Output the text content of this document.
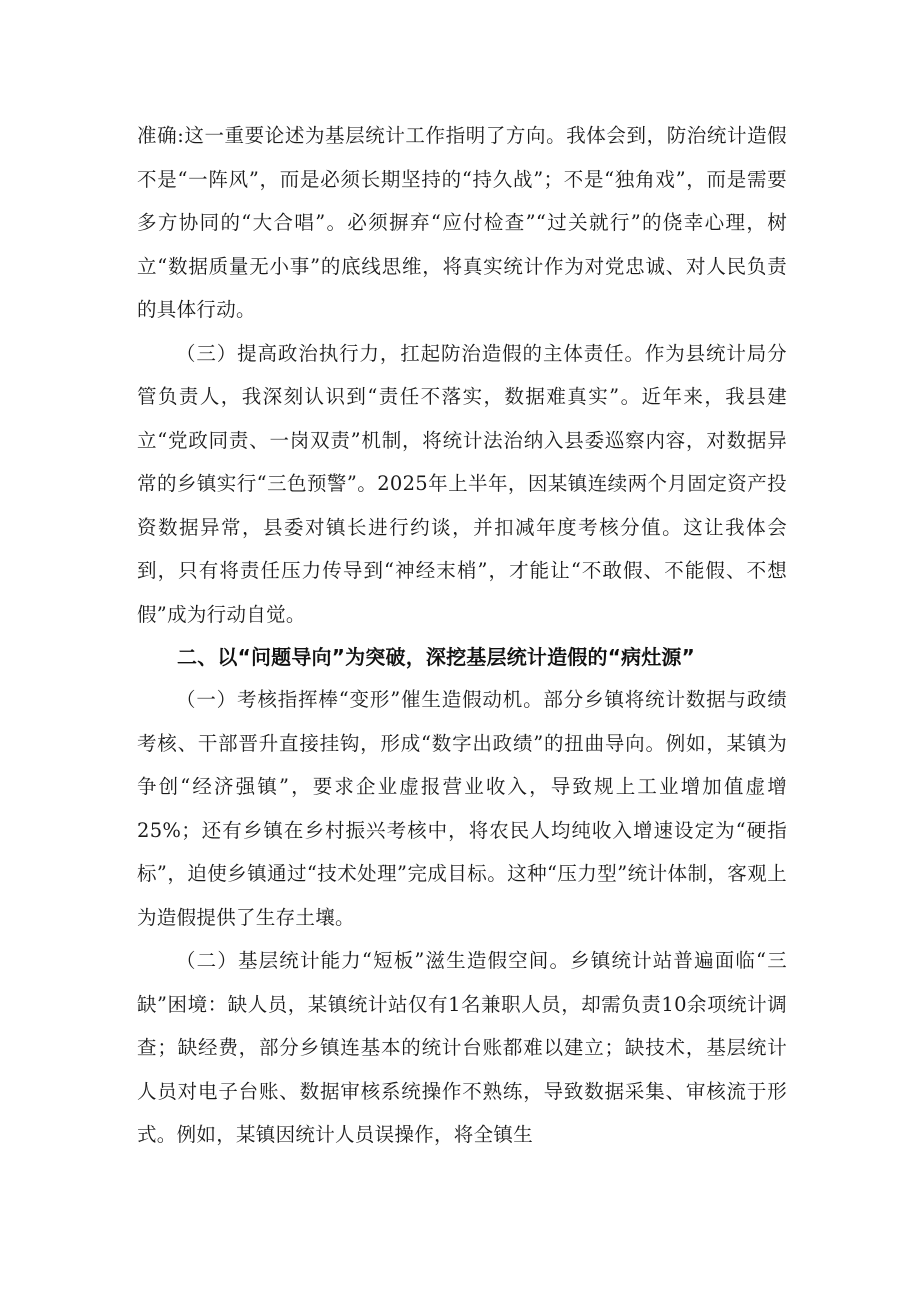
准确:这一重要论述为基层统计工作指明了方向。我体会到，防治统计造假不是“一阵风”，而是必须长期坚持的“持久战”；不是“独角戏”，而是需要多方协同的“大合唱”。必须摒弃“应付检查”“过关就行”的侥幸心理，树立“数据质量无小事”的底线思维，将真实统计作为对党忠诚、对人民负责的具体行动。

（三）提高政治执行力，扛起防治造假的主体责任。作为县统计局分管负责人，我深刻认识到“责任不落实，数据难真实”。近年来，我县建立“党政同责、一岗双责”机制，将统计法治纳入县委巡察内容，对数据异常的乡镇实行“三色预警”。2025年上半年，因某镇连续两个月固定资产投资数据异常，县委对镇长进行约谈，并扣减年度考核分值。这让我体会到，只有将责任压力传导到“神经末梢”，才能让“不敢假、不能假、不想假”成为行动自觉。

二、以“问题导向”为突破，深挖基层统计造假的“病灶源”

（一）考核指挥棒“变形”催生造假动机。部分乡镇将统计数据与政绩考核、干部晋升直接挂钩，形成“数字出政绩”的扭曲导向。例如，某镇为争创“经济强镇”，要求企业虚报营业收入，导致规上工业增加值虚增25%；还有乡镇在乡村振兴考核中，将农民人均纯收入增速设定为“硬指标”，迫使乡镇通过“技术处理”完成目标。这种“压力型”统计体制，客观上为造假提供了生存土壤。

（二）基层统计能力“短板”滋生造假空间。乡镇统计站普遍面临“三缺”困境：缺人员，某镇统计站仅有1名兼职人员，却需负责10余项统计调查；缺经费，部分乡镇连基本的统计台账都难以建立；缺技术，基层统计人员对电子台账、数据审核系统操作不熟练，导致数据采集、审核流于形式。例如，某镇因统计人员误操作，将全镇生
